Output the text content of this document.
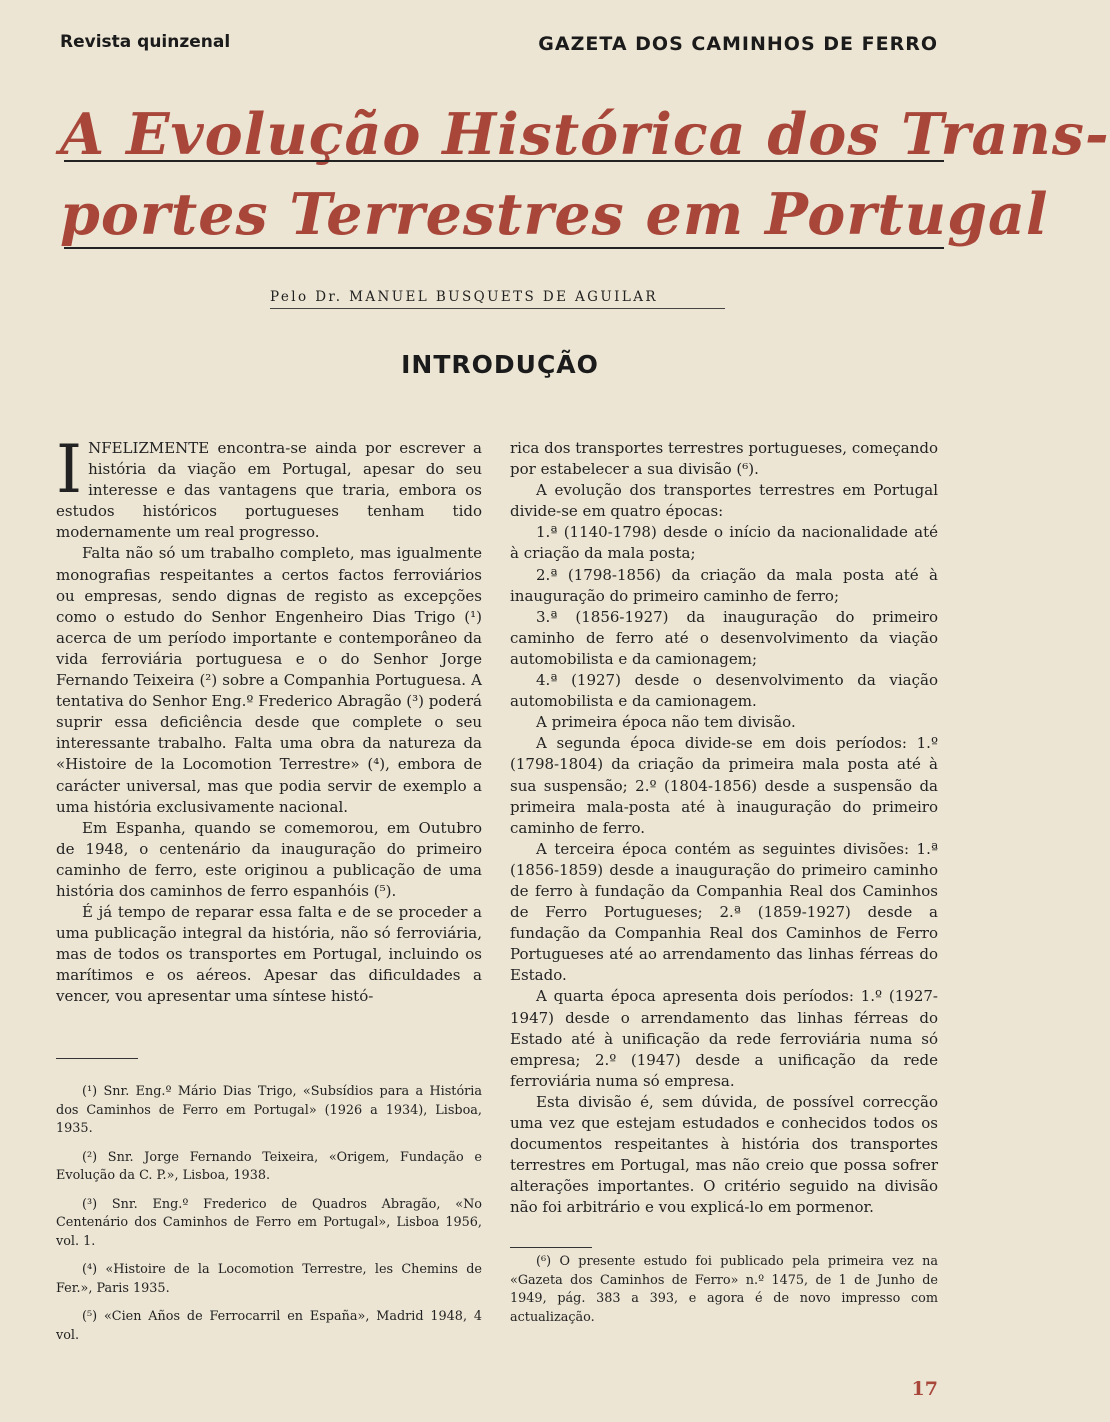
Revista quinzenal	GAZETA DOS CAMINHOS DE FERRO
A Evolução Histórica dos Trans-
portes Terrestres em Portugal
Pelo Dr. MANUEL BUSQUETS DE AGUILAR
INTRODUÇÃO

INFELIZMENTE encontra-se ainda por escrever a história da viação em Portugal, apesar do seu interesse e das vantagens que traria, embora os estudos históricos portugueses tenham tido modernamente um real progresso.

Falta não só um trabalho completo, mas igualmente monografias respeitantes a certos factos ferroviários ou empresas, sendo dignas de registo as excepções como o estudo do Senhor Engenheiro Dias Trigo (¹) acerca de um período importante e contemporâneo da vida ferroviária portuguesa e o do Senhor Jorge Fernando Teixeira (²) sobre a Companhia Portuguesa. A tentativa do Senhor Eng.º Frederico Abragão (³) poderá suprir essa deficiência desde que complete o seu interessante trabalho. Falta uma obra da natureza da «Histoire de la Locomotion Terrestre» (⁴), embora de carácter universal, mas que podia servir de exemplo a uma história exclusivamente nacional.

Em Espanha, quando se comemorou, em Outubro de 1948, o centenário da inauguração do primeiro caminho de ferro, este originou a publicação de uma história dos caminhos de ferro espanhóis (⁵).

É já tempo de reparar essa falta e de se proceder a uma publicação integral da história, não só ferroviária, mas de todos os transportes em Portugal, incluindo os marítimos e os aéreos. Apesar das dificuldades a vencer, vou apresentar uma síntese histó-

rica dos transportes terrestres portugueses, começando por estabelecer a sua divisão (⁶).

A evolução dos transportes terrestres em Portugal divide-se em quatro épocas:

1.ª (1140-1798) desde o início da nacionalidade até à criação da mala posta;

2.ª (1798-1856) da criação da mala posta até à inauguração do primeiro caminho de ferro;

3.ª (1856-1927) da inauguração do primeiro caminho de ferro até o desenvolvimento da viação automobilista e da camionagem;

4.ª (1927) desde o desenvolvimento da viação automobilista e da camionagem.

A primeira época não tem divisão.

A segunda época divide-se em dois períodos: 1.º (1798-1804) da criação da primeira mala posta até à sua suspensão; 2.º (1804-1856) desde a suspensão da primeira mala-posta até à inauguração do primeiro caminho de ferro.

A terceira época contém as seguintes divisões: 1.ª (1856-1859) desde a inauguração do primeiro caminho de ferro à fundação da Companhia Real dos Caminhos de Ferro Portugueses; 2.ª (1859-1927) desde a fundação da Companhia Real dos Caminhos de Ferro Portugueses até ao arrendamento das linhas férreas do Estado.

A quarta época apresenta dois períodos: 1.º (1927-1947) desde o arrendamento das linhas férreas do Estado até à unificação da rede ferroviária numa só empresa; 2.º (1947) desde a unificação da rede ferroviária numa só empresa.

Esta divisão é, sem dúvida, de possível correcção uma vez que estejam estudados e conhecidos todos os documentos respeitantes à história dos transportes terrestres em Portugal, mas não creio que possa sofrer alterações importantes. O critério seguido na divisão não foi arbitrário e vou explicá-lo em pormenor.

(¹) Snr. Eng.º Mário Dias Trigo, «Subsídios para a História dos Caminhos de Ferro em Portugal» (1926 a 1934), Lisboa, 1935.

(²) Snr. Jorge Fernando Teixeira, «Origem, Fundação e Evolução da C. P.», Lisboa, 1938.

(³) Snr. Eng.º Frederico de Quadros Abragão, «No Centenário dos Caminhos de Ferro em Portugal», Lisboa 1956, vol. 1.

(⁴) «Histoire de la Locomotion Terrestre, les Chemins de Fer.», Paris 1935.

(⁵) «Cien Años de Ferrocarril en España», Madrid 1948, 4 vol.

(⁶) O presente estudo foi publicado pela primeira vez na «Gazeta dos Caminhos de Ferro» n.º 1475, de 1 de Junho de 1949, pág. 383 a 393, e agora é de novo impresso com actualização.

17
